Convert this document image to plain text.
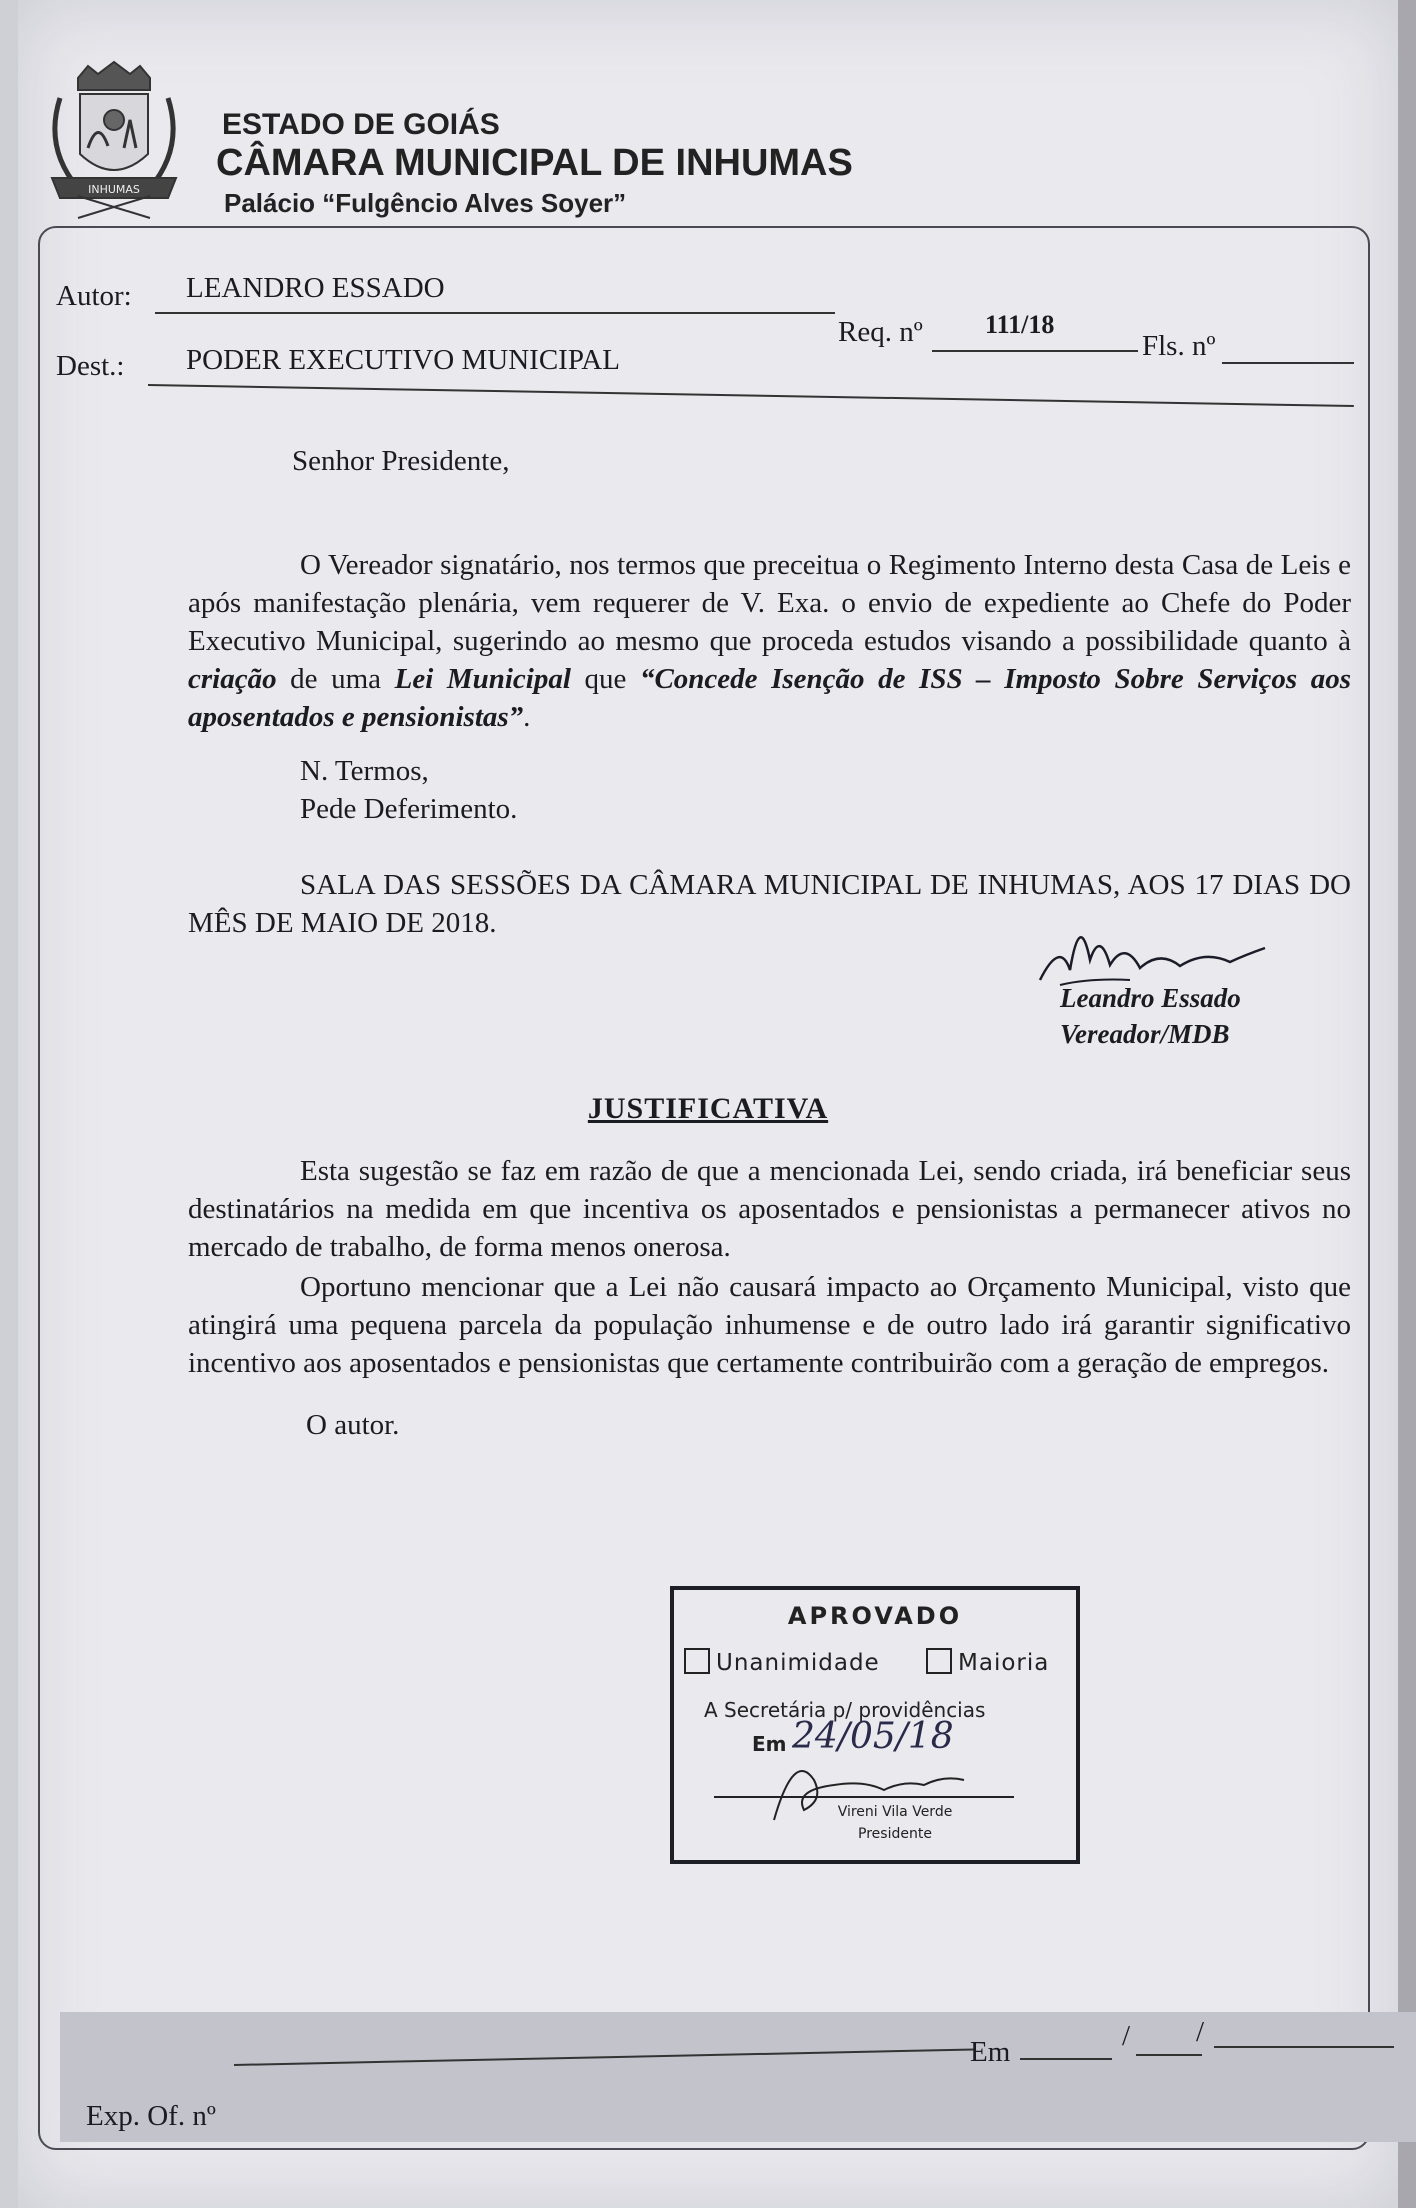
INHUMAS
ESTADO DE GOIÁS
CÂMARA MUNICIPAL DE INHUMAS
Palácio “Fulgêncio Alves Soyer”
Autor: LEANDRO ESSADO
Req. nº 111/18
Fls. nº
Dest.: PODER EXECUTIVO MUNICIPAL
Senhor Presidente,
O Vereador signatário, nos termos que preceitua o Regimento Interno desta Casa de Leis e após manifestação plenária, vem requerer de V. Exa. o envio de expediente ao Chefe do Poder Executivo Municipal, sugerindo ao mesmo que proceda estudos visando a possibilidade quanto à criação de uma Lei Municipal que “Concede Isenção de ISS – Imposto Sobre Serviços aos aposentados e pensionistas”.
N. Termos,
Pede Deferimento.
SALA DAS SESSÕES DA CÂMARA MUNICIPAL DE INHUMAS, AOS 17 DIAS DO MÊS DE MAIO DE 2018.
Leandro Essado
Vereador/MDB
JUSTIFICATIVA
Esta sugestão se faz em razão de que a mencionada Lei, sendo criada, irá beneficiar seus destinatários na medida em que incentiva os aposentados e pensionistas a permanecer ativos no mercado de trabalho, de forma menos onerosa.
Oportuno mencionar que a Lei não causará impacto ao Orçamento Municipal, visto que atingirá uma pequena parcela da população inhumense e de outro lado irá garantir significativo incentivo aos aposentados e pensionistas que certamente contribuirão com a geração de empregos.
O autor.
APROVADO
Unanimidade	Maioria
A Secretária p/ providências
Em 24/05/18
Vireni Vila Verde
Presidente
Em	/ /
Exp. Of. nº
